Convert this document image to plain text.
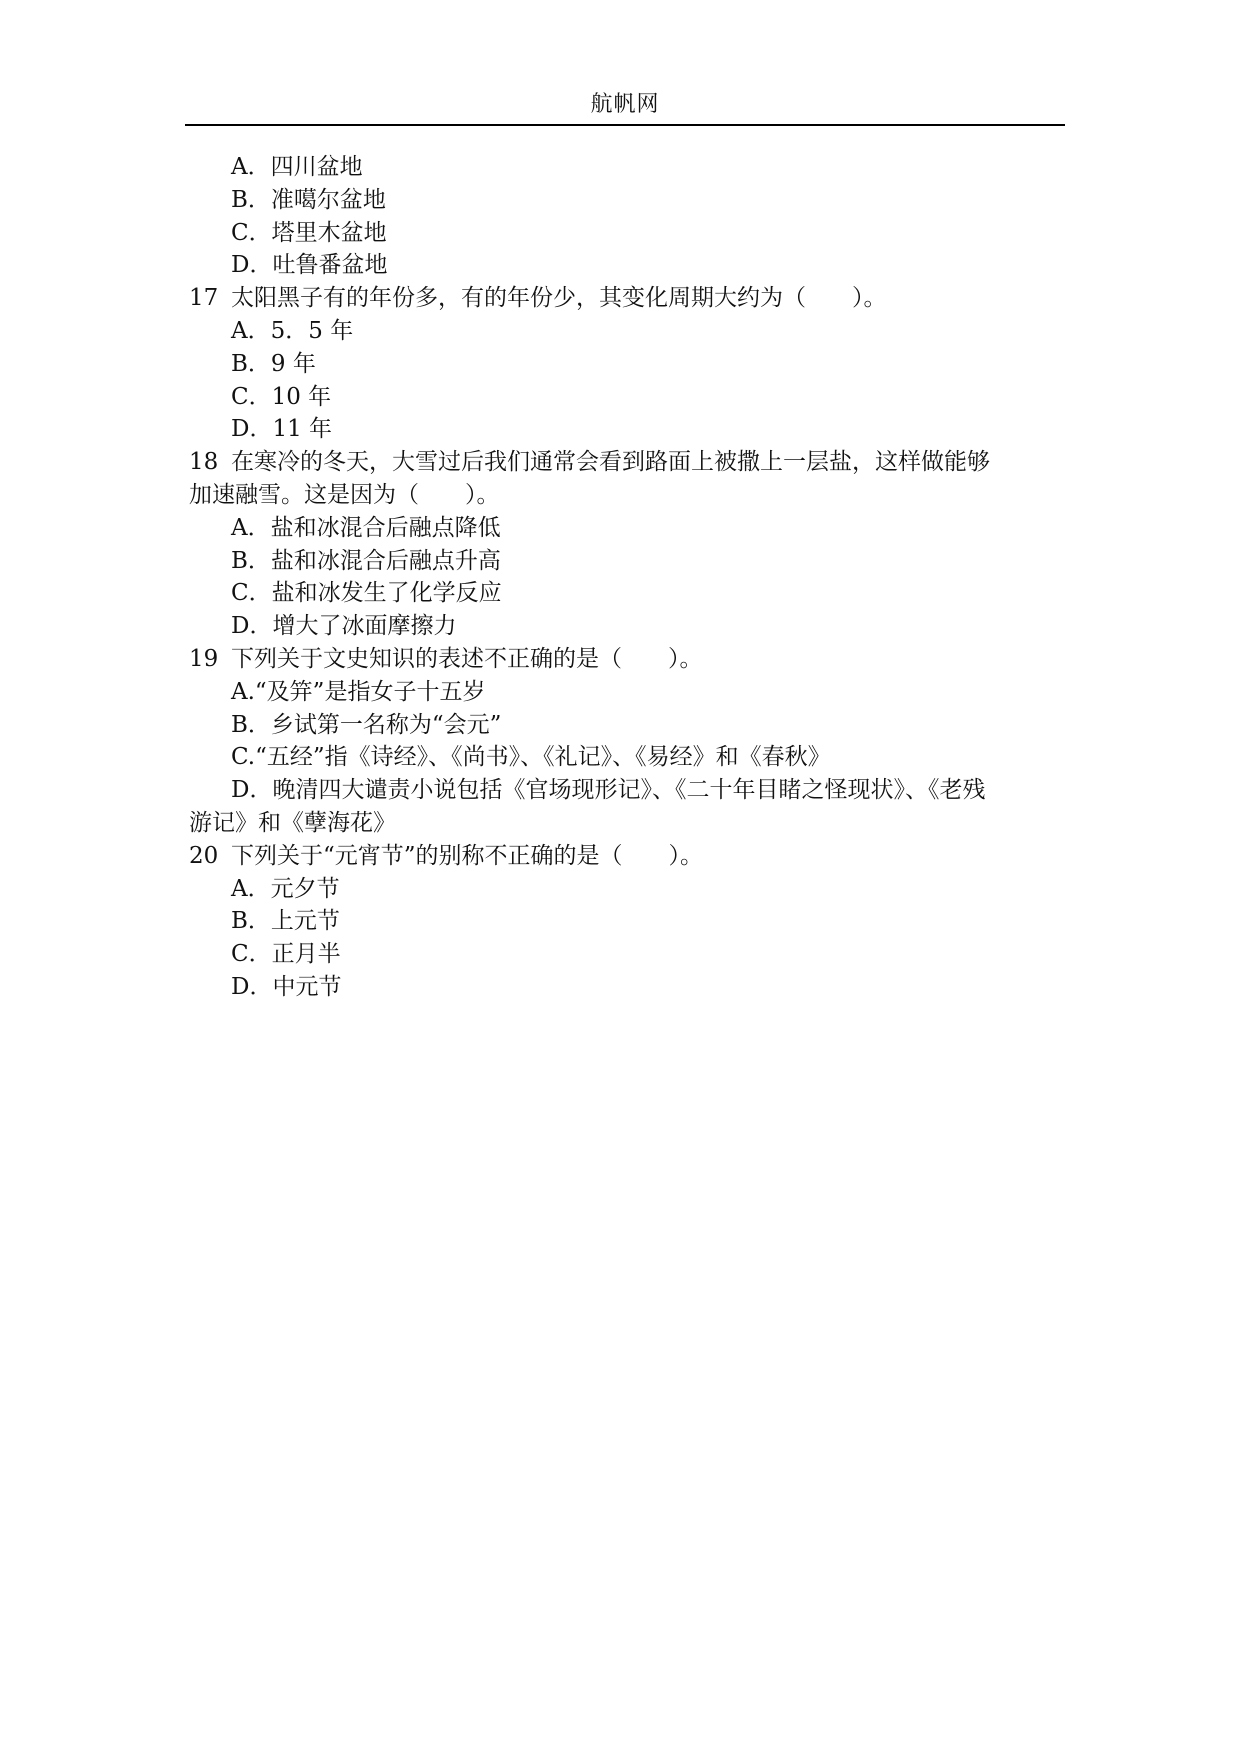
航帆网
A．四川盆地
B．准噶尔盆地
C．塔里木盆地
D．吐鲁番盆地
17 太阳黑子有的年份多，有的年份少，其变化周期大约为（　　）。
A．5．5 年
B．9 年
C．10 年
D．11 年
18 在寒冷的冬天，大雪过后我们通常会看到路面上被撒上一层盐，这样做能够
加速融雪。这是因为（　　）。
A．盐和冰混合后融点降低
B．盐和冰混合后融点升高
C．盐和冰发生了化学反应
D．增大了冰面摩擦力
19 下列关于文史知识的表述不正确的是（　　）。
A.“及笄”是指女子十五岁
B．乡试第一名称为“会元”
C.“五经”指《诗经》、《尚书》、《礼记》、《易经》和《春秋》
D．晚清四大谴责小说包括《官场现形记》、《二十年目睹之怪现状》、《老残
游记》和《孽海花》
20 下列关于“元宵节”的别称不正确的是（　　）。
A．元夕节
B．上元节
C．正月半
D．中元节
